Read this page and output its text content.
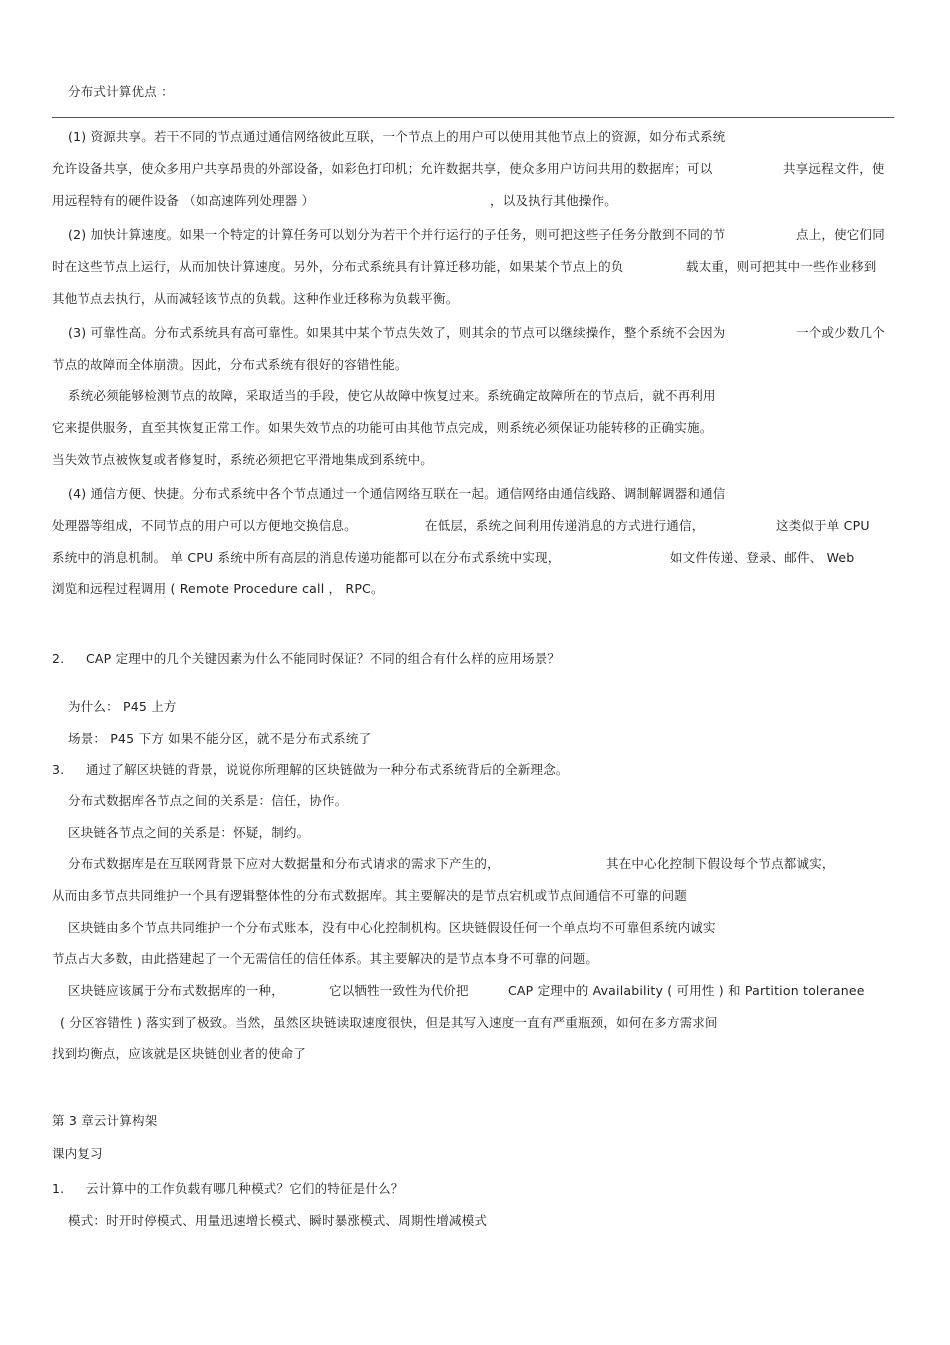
分布式计算优点 ：
(1) 资源共享。若干不同的节点通过通信网络彼此互联，一个节点上的用户可以使用其他节点上的资源，如分布式系统
允许设备共享，使众多用户共享昂贵的外部设备，如彩色打印机；允许数据共享，使众多用户访问共用的数据库；可以	共享远程文件，使
用远程特有的硬件设备 （如高速阵列处理器 ）	，以及执行其他操作。
(2) 加快计算速度。如果一个特定的计算任务可以划分为若干个并行运行的子任务，则可把这些子任务分散到不同的节	点上，使它们同
时在这些节点上运行，从而加快计算速度。另外，分布式系统具有计算迁移功能，如果某个节点上的负	载太重，则可把其中一些作业移到
其他节点去执行，从而减轻该节点的负载。这种作业迁移称为负载平衡。
(3) 可靠性高。分布式系统具有高可靠性。如果其中某个节点失效了，则其余的节点可以继续操作，整个系统不会因为	一个或少数几个
节点的故障而全体崩溃。因此，分布式系统有很好的容错性能。
系统必须能够检测节点的故障，采取适当的手段，使它从故障中恢复过来。系统确定故障所在的节点后，就不再利用
它来提供服务，直至其恢复正常工作。如果失效节点的功能可由其他节点完成，则系统必须保证功能转移的正确实施。
当失效节点被恢复或者修复时，系统必须把它平滑地集成到系统中。
(4) 通信方便、快捷。分布式系统中各个节点通过一个通信网络互联在一起。通信网络由通信线路、调制解调器和通信
处理器等组成，不同节点的用户可以方便地交换信息。	在低层，系统之间利用传递消息的方式进行通信，	这类似于单 CPU
系统中的消息机制。 单 CPU 系统中所有高层的消息传递功能都可以在分布式系统中实现，	如文件传递、登录、邮件、 Web
浏览和远程过程调用 ( Remote Procedure call ， RPC。
2. CAP 定理中的几个关键因素为什么不能同时保证？不同的组合有什么样的应用场景？
为什么： P45 上方
场景： P45 下方 如果不能分区，就不是分布式系统了
3. 通过了解区块链的背景，说说你所理解的区块链做为一种分布式系统背后的全新理念。
分布式数据库各节点之间的关系是：信任，协作。
区块链各节点之间的关系是：怀疑，制约。
分布式数据库是在互联网背景下应对大数据量和分布式请求的需求下产生的，	其在中心化控制下假设每个节点都诚实，
从而由多节点共同维护一个具有逻辑整体性的分布式数据库。其主要解决的是节点宕机或节点间通信不可靠的问题
区块链由多个节点共同维护一个分布式账本，没有中心化控制机构。区块链假设任何一个单点均不可靠但系统内诚实
节点占大多数，由此搭建起了一个无需信任的信任体系。其主要解决的是节点本身不可靠的问题。
区块链应该属于分布式数据库的一种，	它以牺牲一致性为代价把	CAP 定理中的 Availability ( 可用性 ) 和 Partition toleranee
( 分区容错性 ) 落实到了极致。当然，虽然区块链读取速度很快，但是其写入速度一直有严重瓶颈，如何在多方需求间
找到均衡点，应该就是区块链创业者的使命了
第 3 章云计算构架
课内复习
1. 云计算中的工作负载有哪几种模式？它们的特征是什么？
模式：时开时停模式、用量迅速增长模式、瞬时暴涨模式、周期性增减模式
